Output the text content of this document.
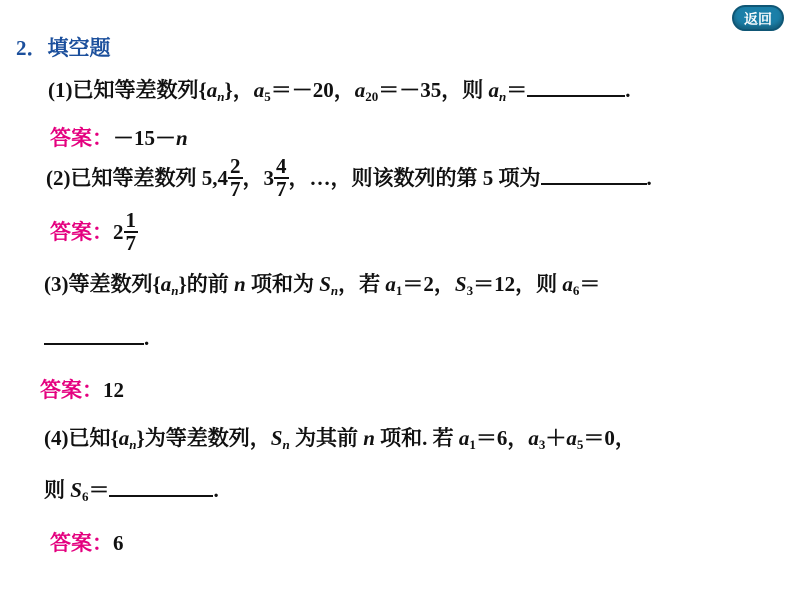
返回
2．填空题
(1)已知等差数列$\{a_n\}$，$a_5=-20$，$a_{20}=-35$，则 $a_n=$	.
答案：－15－n
(2)已知等差数列 $5,4 \frac{2}{7}$ ，$3 \frac{4}{7}$ ，…，则该数列的第 5 项为	.
答案：$2 \frac{1}{7}$
(3)等差数列$\{a_n\}$的前 n 项和为 $S_n$，若 $a_1=2$，$S_3=12$，则 $a_6=$
.
答案：12
(4)已知$\{a_n\}$为等差数列，$S_n$ 为其前 n 项和. 若 $a_1=6$，$a_3+a_5=0$，
则 $S_6=$	.
答案：6
